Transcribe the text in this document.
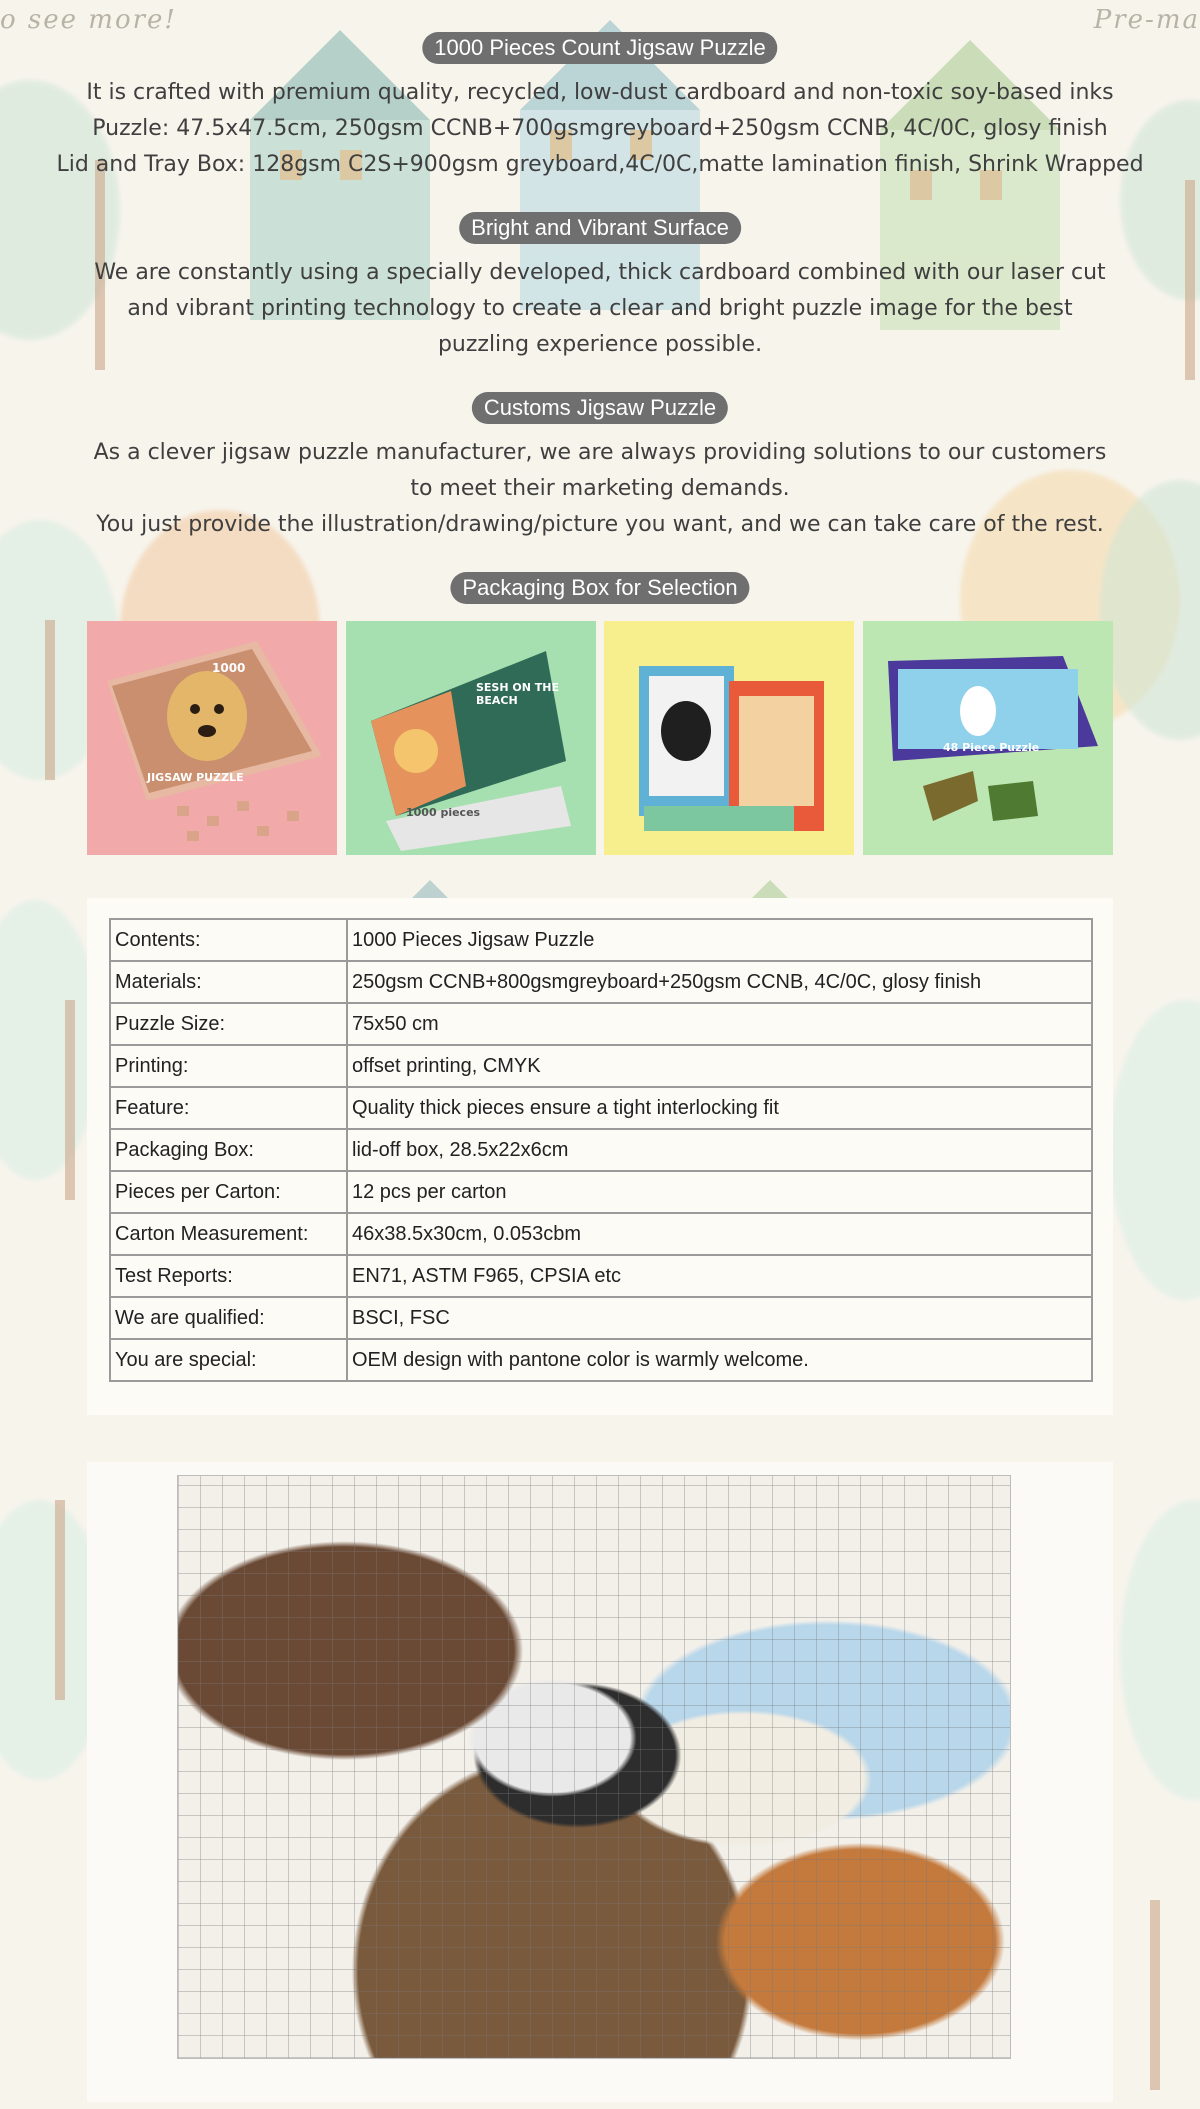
o see more!	Pre-ma
1000 Pieces Count Jigsaw Puzzle
It is crafted with premium quality, recycled, low-dust cardboard and non-toxic soy-based inks
Puzzle: 47.5x47.5cm, 250gsm CCNB+700gsmgreyboard+250gsm CCNB, 4C/0C, glosy finish
Lid and Tray Box: 128gsm C2S+900gsm greyboard,4C/0C,matte lamination finish, Shrink Wrapped
Bright and Vibrant Surface
We are constantly using a specially developed, thick cardboard combined with our laser cut
and vibrant printing technology to create a clear and bright puzzle image for the best
puzzling experience possible.
Customs Jigsaw Puzzle
As a clever jigsaw puzzle manufacturer, we are always providing solutions to our customers
to meet their marketing demands.
You just provide the illustration/drawing/picture you want, and we can take care of the rest.
Packaging Box for Selection
JIGSAW PUZZLE
1000
SESH ON THE BEACH
1000 pieces
48 Piece Puzzle
Contents:	1000 Pieces Jigsaw Puzzle
Materials:	250gsm CCNB+800gsmgreyboard+250gsm CCNB, 4C/0C, glosy finish
Puzzle Size:	75x50 cm
Printing:	offset printing, CMYK
Feature:	Quality thick pieces ensure a tight interlocking fit
Packaging Box:	lid-off box, 28.5x22x6cm
Pieces per Carton:	12 pcs per carton
Carton Measurement:	46x38.5x30cm, 0.053cbm
Test Reports:	EN71, ASTM F965, CPSIA etc
We are qualified:	BSCI, FSC
You are special:	OEM design with pantone color is warmly welcome.
